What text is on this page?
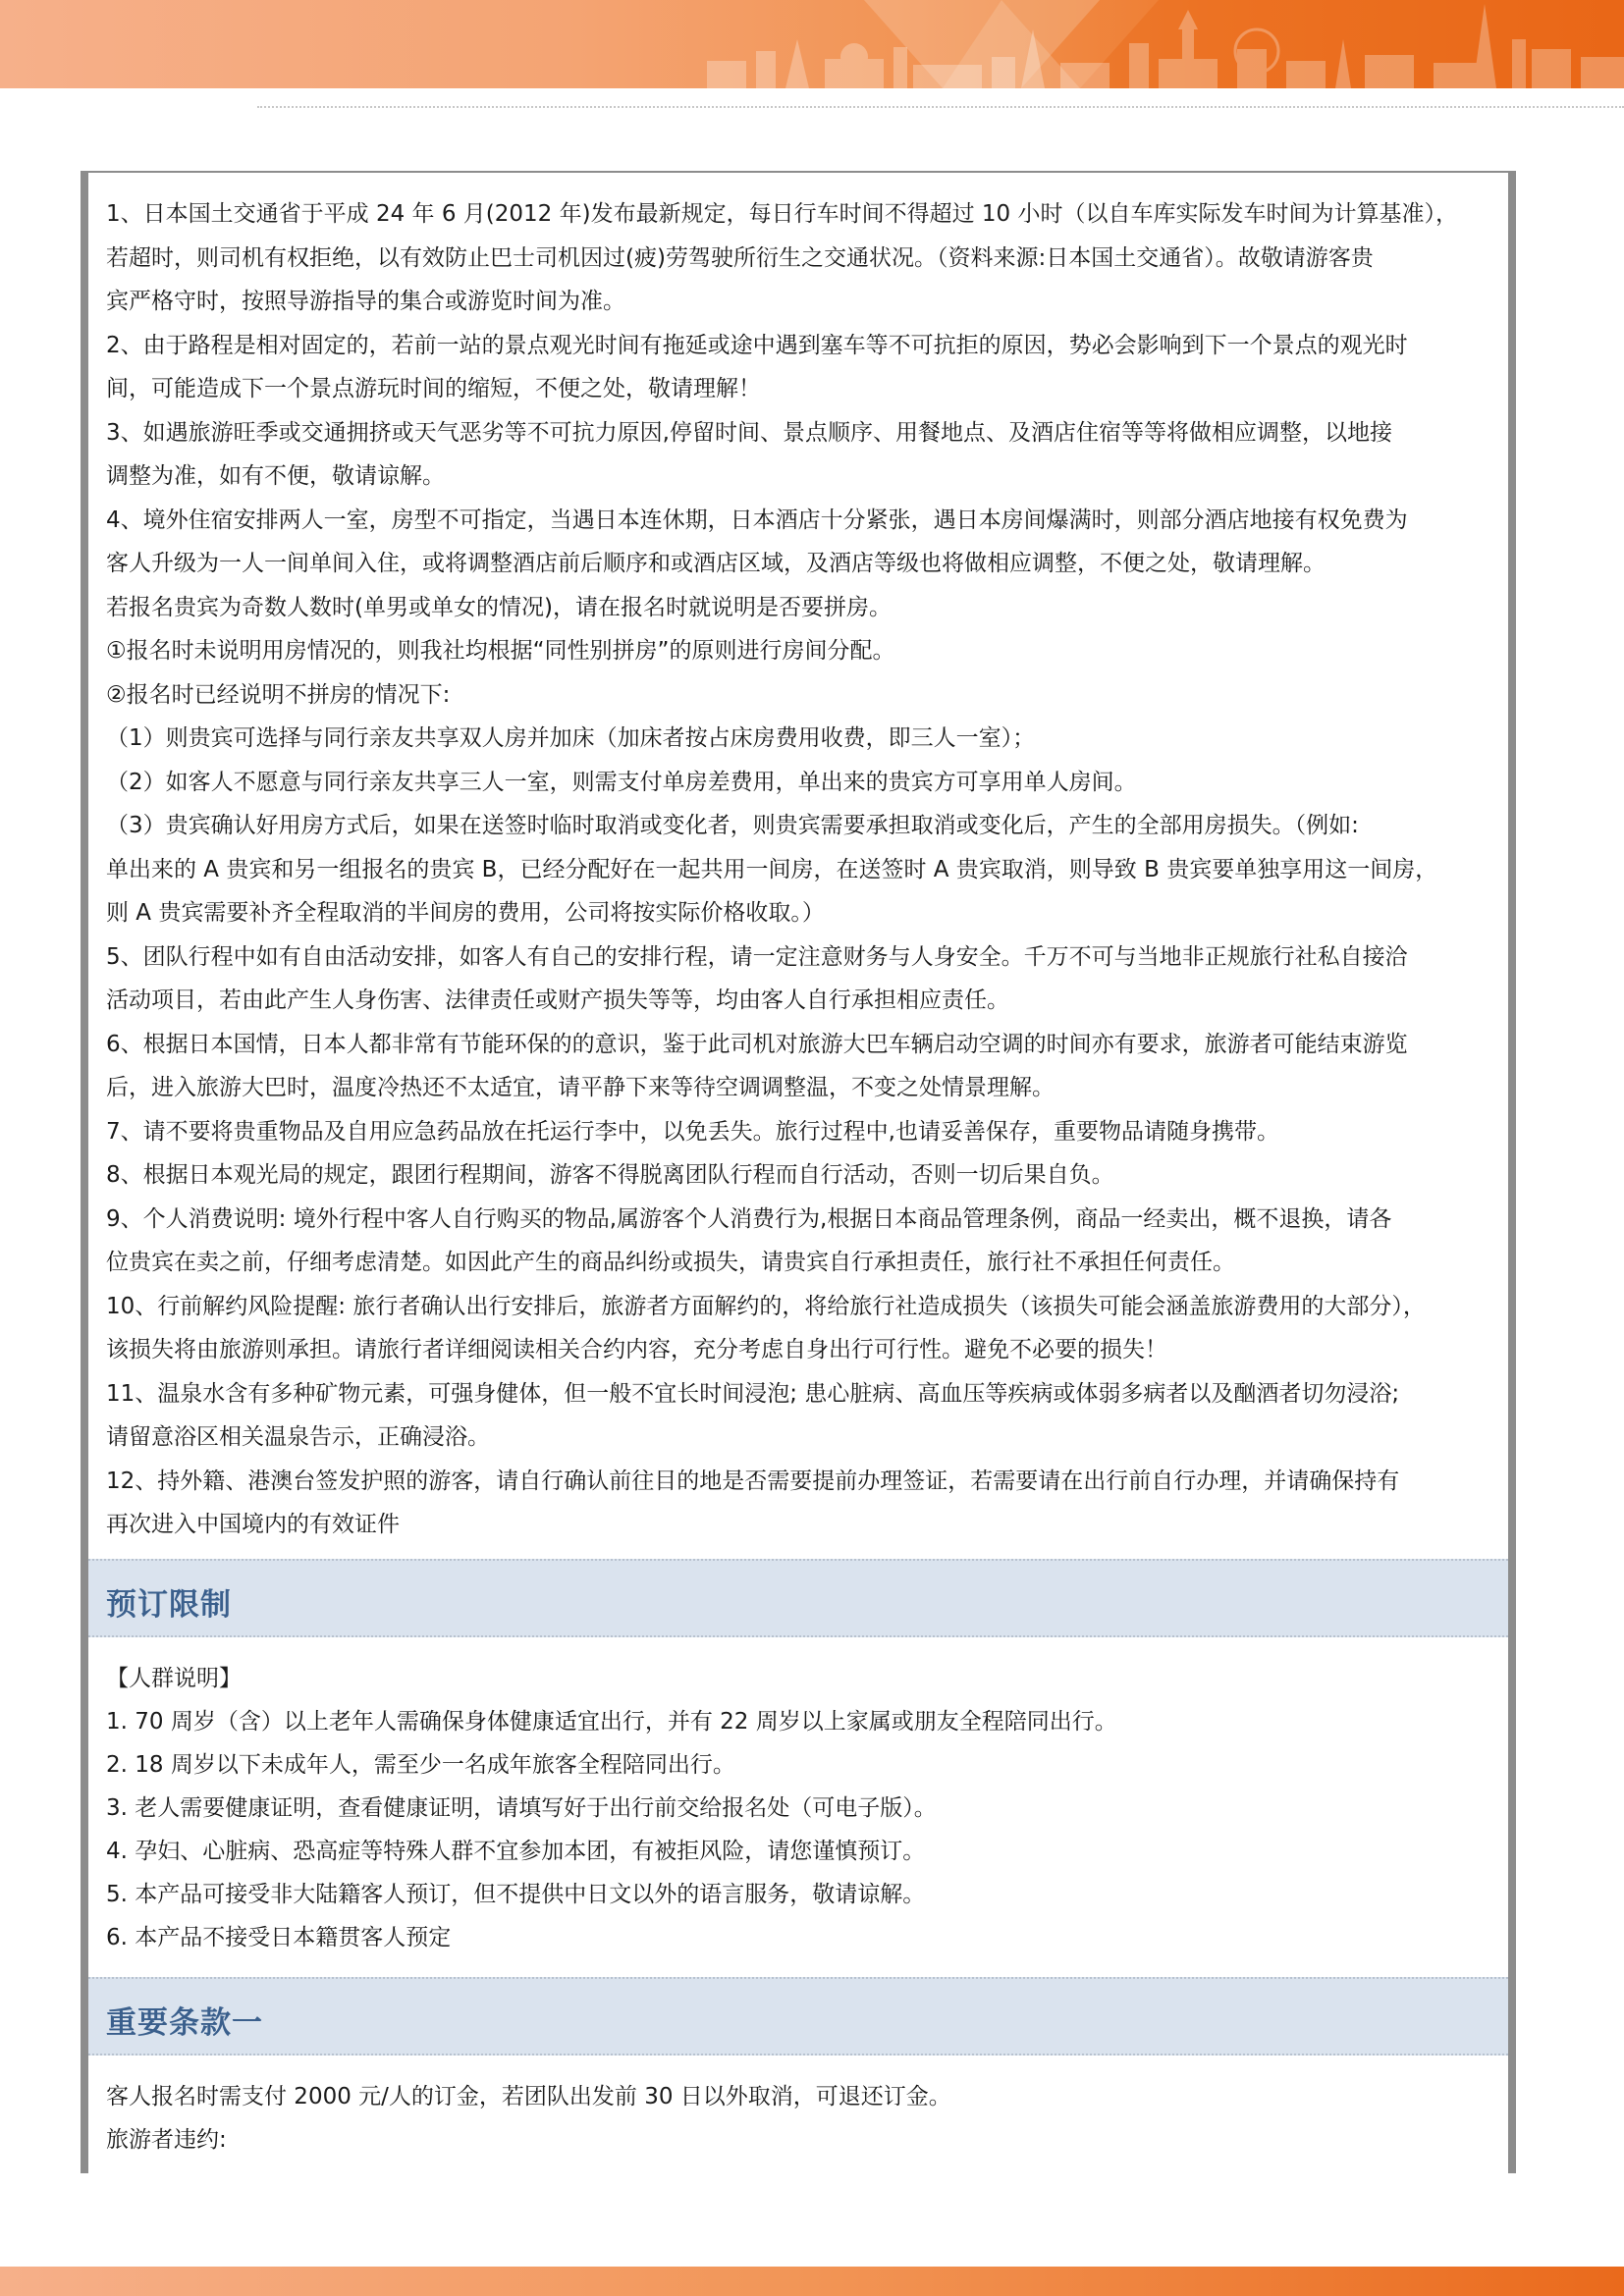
1、日本国土交通省于平成 24 年 6 月(2012 年)发布最新规定，每日行车时间不得超过 10 小时（以自车库实际发车时间为计算基准），

若超时，则司机有权拒绝，以有效防止巴士司机因过(疲)劳驾驶所衍生之交通状况。（资料来源:日本国土交通省）。故敬请游客贵

宾严格守时，按照导游指导的集合或游览时间为准。

2、由于路程是相对固定的，若前一站的景点观光时间有拖延或途中遇到塞车等不可抗拒的原因，势必会影响到下一个景点的观光时

间，可能造成下一个景点游玩时间的缩短，不便之处，敬请理解！

3、如遇旅游旺季或交通拥挤或天气恶劣等不可抗力原因,停留时间、景点顺序、用餐地点、及酒店住宿等等将做相应调整，以地接

调整为准，如有不便，敬请谅解。

4、境外住宿安排两人一室，房型不可指定，当遇日本连休期，日本酒店十分紧张，遇日本房间爆满时，则部分酒店地接有权免费为

客人升级为一人一间单间入住，或将调整酒店前后顺序和或酒店区域，及酒店等级也将做相应调整，不便之处，敬请理解。

若报名贵宾为奇数人数时(单男或单女的情况)，请在报名时就说明是否要拼房。

①报名时未说明用房情况的，则我社均根据“同性别拼房”的原则进行房间分配。

②报名时已经说明不拼房的情况下:

（1）则贵宾可选择与同行亲友共享双人房并加床（加床者按占床房费用收费，即三人一室）；

（2）如客人不愿意与同行亲友共享三人一室，则需支付单房差费用，单出来的贵宾方可享用单人房间。

（3）贵宾确认好用房方式后，如果在送签时临时取消或变化者，则贵宾需要承担取消或变化后，产生的全部用房损失。（例如:

单出来的 A 贵宾和另一组报名的贵宾 B，已经分配好在一起共用一间房，在送签时 A 贵宾取消，则导致 B 贵宾要单独享用这一间房，

则 A 贵宾需要补齐全程取消的半间房的费用，公司将按实际价格收取。）

5、团队行程中如有自由活动安排，如客人有自己的安排行程，请一定注意财务与人身安全。千万不可与当地非正规旅行社私自接洽

活动项目，若由此产生人身伤害、法律责任或财产损失等等，均由客人自行承担相应责任。

6、根据日本国情，日本人都非常有节能环保的的意识，鉴于此司机对旅游大巴车辆启动空调的时间亦有要求，旅游者可能结束游览

后，进入旅游大巴时，温度冷热还不太适宜，请平静下来等待空调调整温，不变之处情景理解。

7、请不要将贵重物品及自用应急药品放在托运行李中，以免丢失。旅行过程中,也请妥善保存，重要物品请随身携带。

8、根据日本观光局的规定，跟团行程期间，游客不得脱离团队行程而自行活动，否则一切后果自负。

9、个人消费说明: 境外行程中客人自行购买的物品,属游客个人消费行为,根据日本商品管理条例，商品一经卖出，概不退换，请各

位贵宾在卖之前，仔细考虑清楚。如因此产生的商品纠纷或损失，请贵宾自行承担责任，旅行社不承担任何责任。

10、行前解约风险提醒: 旅行者确认出行安排后，旅游者方面解约的，将给旅行社造成损失（该损失可能会涵盖旅游费用的大部分），

该损失将由旅游则承担。请旅行者详细阅读相关合约内容，充分考虑自身出行可行性。避免不必要的损失！

11、温泉水含有多种矿物元素，可强身健体，但一般不宜长时间浸泡; 患心脏病、高血压等疾病或体弱多病者以及酗酒者切勿浸浴;

请留意浴区相关温泉告示，正确浸浴。

12、持外籍、港澳台签发护照的游客，请自行确认前往目的地是否需要提前办理签证，若需要请在出行前自行办理，并请确保持有

再次进入中国境内的有效证件

预订限制

【人群说明】

1. 70 周岁（含）以上老年人需确保身体健康适宜出行，并有 22 周岁以上家属或朋友全程陪同出行。

2. 18 周岁以下未成年人，需至少一名成年旅客全程陪同出行。

3. 老人需要健康证明，查看健康证明，请填写好于出行前交给报名处（可电子版）。

4. 孕妇、心脏病、恐高症等特殊人群不宜参加本团，有被拒风险，请您谨慎预订。

5. 本产品可接受非大陆籍客人预订，但不提供中日文以外的语言服务，敬请谅解。

6. 本产品不接受日本籍贯客人预定

重要条款一

客人报名时需支付 2000 元/人的订金，若团队出发前 30 日以外取消，可退还订金。

旅游者违约:
